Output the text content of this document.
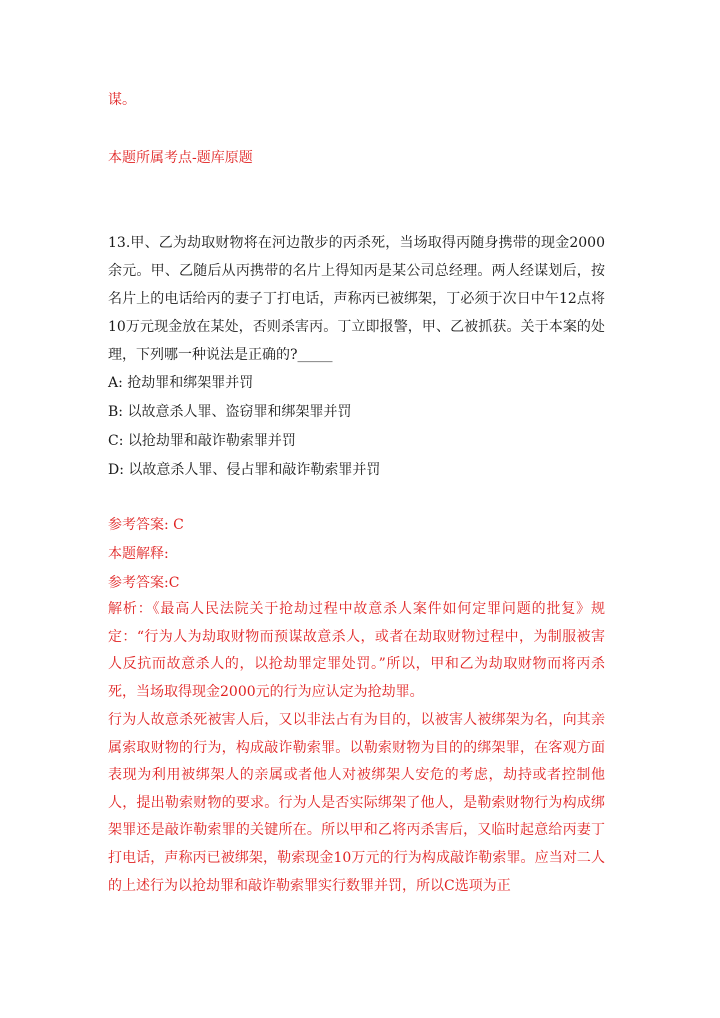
谋。
本题所属考点-题库原题
13.甲、乙为劫取财物将在河边散步的丙杀死，当场取得丙随身携带的现金2000余元。甲、乙随后从丙携带的名片上得知丙是某公司总经理。两人经谋划后，按名片上的电话给丙的妻子丁打电话，声称丙已被绑架，丁必须于次日中午12点将10万元现金放在某处，否则杀害丙。丁立即报警，甲、乙被抓获。关于本案的处理，下列哪一种说法是正确的?_____
A: 抢劫罪和绑架罪并罚
B: 以故意杀人罪、盗窃罪和绑架罪并罚
C: 以抢劫罪和敲诈勒索罪并罚
D: 以故意杀人罪、侵占罪和敲诈勒索罪并罚
参考答案: C
本题解释:
参考答案:C
解析：《最高人民法院关于抢劫过程中故意杀人案件如何定罪问题的批复》规定：“行为人为劫取财物而预谋故意杀人，或者在劫取财物过程中，为制服被害人反抗而故意杀人的，以抢劫罪定罪处罚。”所以，甲和乙为劫取财物而将丙杀死，当场取得现金2000元的行为应认定为抢劫罪。
行为人故意杀死被害人后，又以非法占有为目的，以被害人被绑架为名，向其亲属索取财物的行为，构成敲诈勒索罪。以勒索财物为目的的绑架罪，在客观方面表现为利用被绑架人的亲属或者他人对被绑架人安危的考虑，劫持或者控制他人，提出勒索财物的要求。行为人是否实际绑架了他人，是勒索财物行为构成绑架罪还是敲诈勒索罪的关键所在。所以甲和乙将丙杀害后，又临时起意给丙妻丁打电话，声称丙已被绑架，勒索现金10万元的行为构成敲诈勒索罪。应当对二人的上述行为以抢劫罪和敲诈勒索罪实行数罪并罚，所以C选项为正
